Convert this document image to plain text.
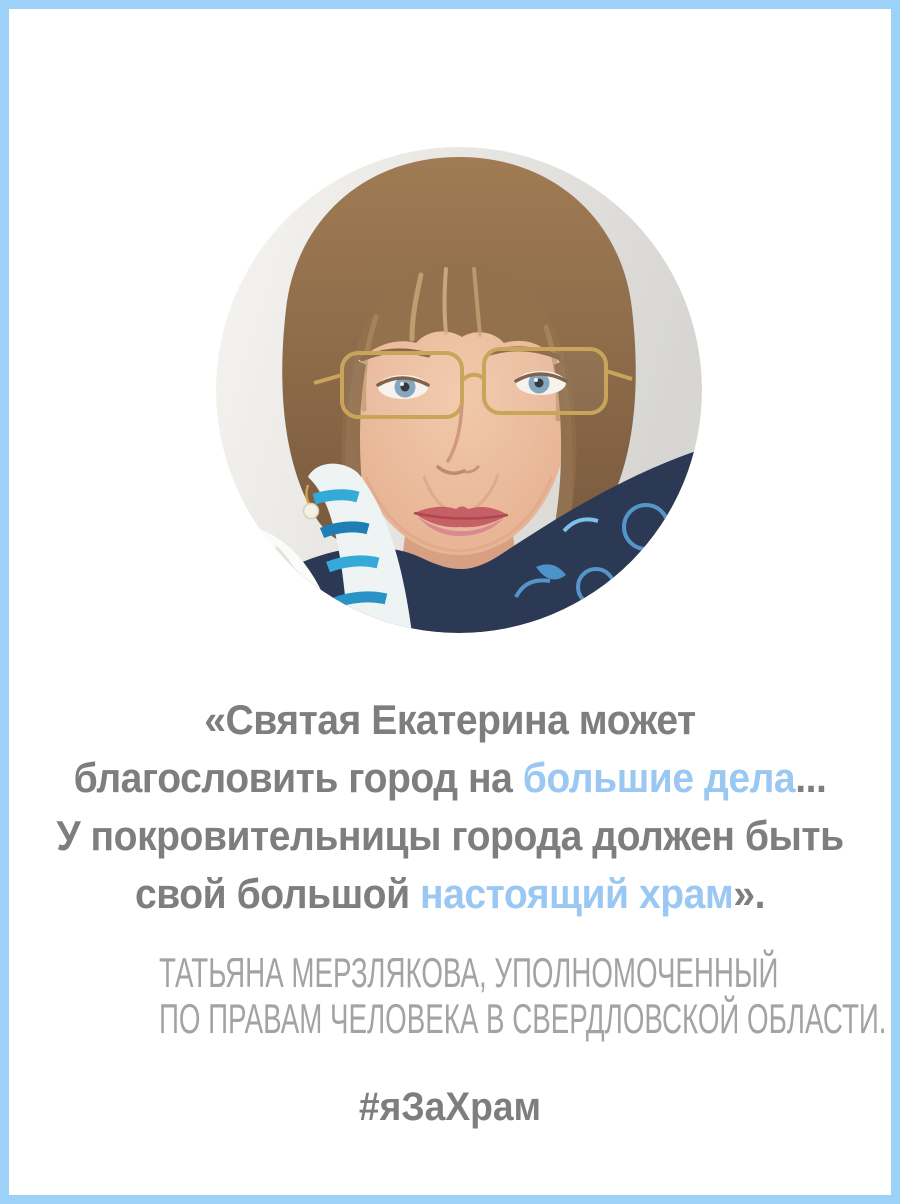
«Святая Екатерина может
благословить город на большие дела...
У покровительницы города должен быть
свой большой настоящий храм».
ТАТЬЯНА МЕРЗЛЯКОВА, УПОЛНОМОЧЕННЫЙ
ПО ПРАВАМ ЧЕЛОВЕКА В СВЕРДЛОВСКОЙ ОБЛАСТИ.
#яЗаХрам
